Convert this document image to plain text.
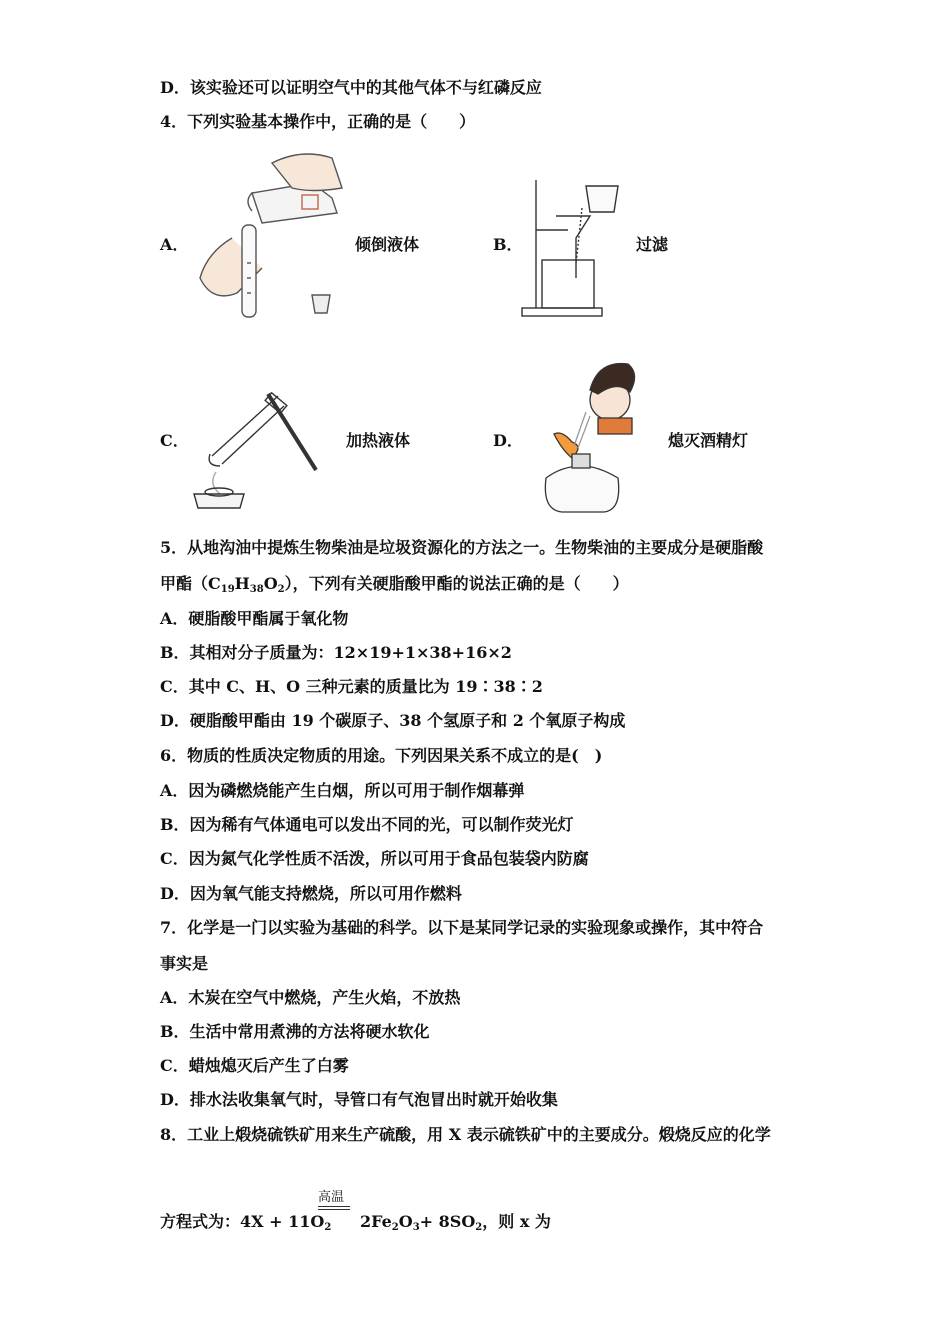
D．该实验还可以证明空气中的其他气体不与红磷反应
4．下列实验基本操作中，正确的是（　　）
A．	倾倒液体	B．	过滤
C．	加热液体	D．	熄灭酒精灯
5．从地沟油中提炼生物柴油是垃圾资源化的方法之一。生物柴油的主要成分是硬脂酸
甲酯$(C_{19}H_{38}O_2)$，下列有关硬脂酸甲酯的说法正确的是（　　）
A．硬脂酸甲酯属于氧化物
B．其相对分子质量为：12×19+1×38+16×2
C．其中 C、H、O 三种元素的质量比为 19∶38∶2
D．硬脂酸甲酯由 19 个碳原子、38 个氢原子和 2 个氧原子构成
6．物质的性质决定物质的用途。下列因果关系不成立的是(　)
A．因为磷燃烧能产生白烟，所以可用于制作烟幕弹
B．因为稀有气体通电可以发出不同的光，可以制作荧光灯
C．因为氮气化学性质不活泼，所以可用于食品包装袋内防腐
D．因为氧气能支持燃烧，所以可用作燃料
7．化学是一门以实验为基础的科学。以下是某同学记录的实验现象或操作，其中符合
事实是
A．木炭在空气中燃烧，产生火焰，不放热
B．生活中常用煮沸的方法将硬水软化
C．蜡烛熄灭后产生了白雾
D．排水法收集氧气时，导管口有气泡冒出时就开始收集
8．工业上煅烧硫铁矿用来生产硫酸，用 X 表示硫铁矿中的主要成分。煅烧反应的化学
高温
方程式为：$4X + 11O_2$ $2Fe_2O_3+ 8SO_2$，则 x 为
